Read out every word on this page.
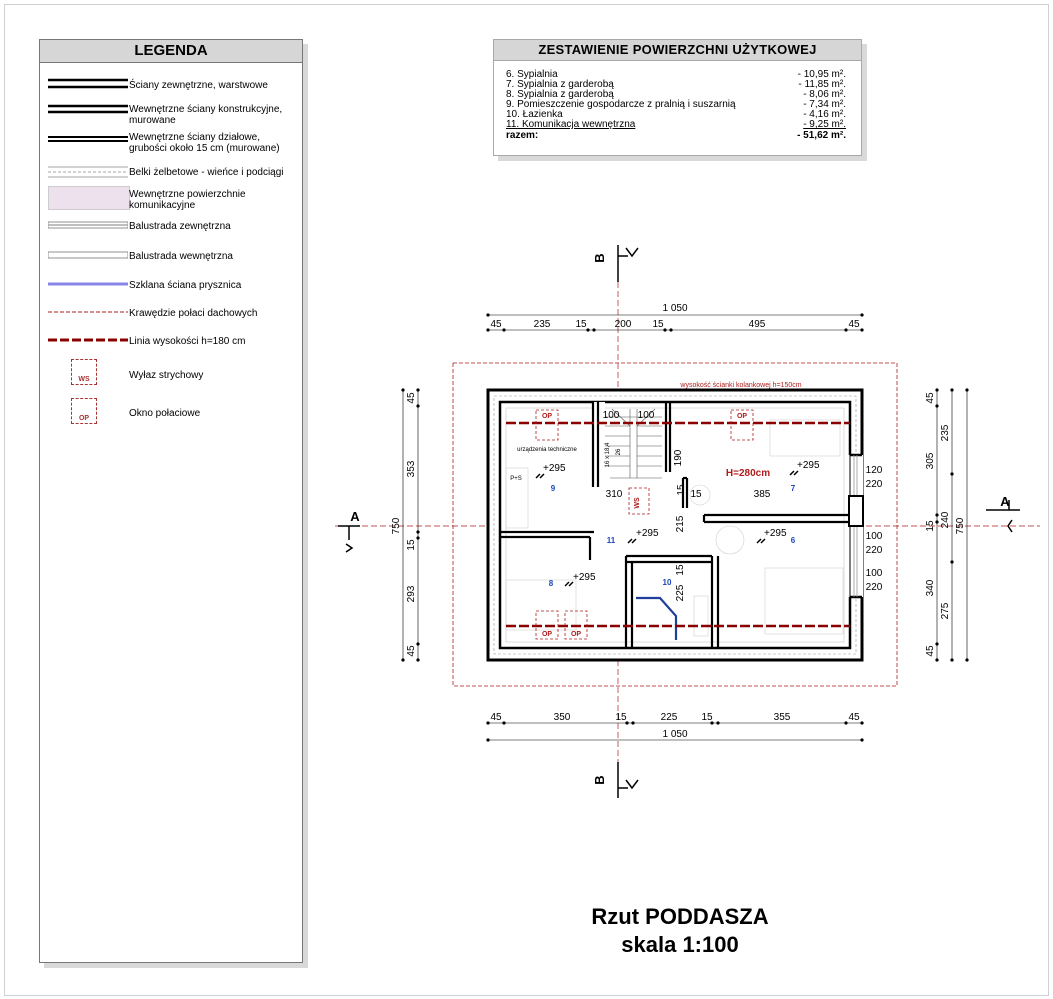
LEGENDA
Ściany zewnętrzne, warstwowe
Wewnętrzne ściany konstrukcyjne, murowane
Wewnętrzne ściany działowe, grubości około 15 cm (murowane)
Belki żelbetowe - wieńce i podciągi
Wewnętrzne powierzchnie komunikacyjne
Balustrada zewnętrzna
Balustrada wewnętrzna
Szklana ściana prysznica
Krawędzie połaci dachowych
Linia wysokości h=180 cm
WS	Wyłaz strychowy
OP	Okno połaciowe
ZESTAWIENIE POWIERZCHNI UŻYTKOWEJ
6. Sypialnia	- 10,95 m².
7. Sypialnia z garderobą	- 11,85 m².
8. Sypialnia z garderobą	- 8,06 m².
9. Pomieszczenie gospodarcze z pralnią i suszarnią	- 7,34 m².
10. Łazienka	- 4,16 m².
11. Komunikacja wewnętrzna	- 9,25 m².
razem:	- 51,62 m².
OP	OP
OP	OP
WS
wysokość ścianki kolankowej h=150cm
H=280cm
100 100
190
310	15 15	385
215
15
225
120
220
100
220
100
220
urządzenia techniczne	16 x 18,4 26
P+S
+295	+295
+295	+295
+295
9	7
11	6
8	10
1 050
45	235	15	200 15	495	45
45	350	15	225 15	355	45
1 050
45
353
15
293
45
750
45
305
15
340
45
235
240
275
750
A
A
B
B
Rzut PODDASZA
skala 1:100
